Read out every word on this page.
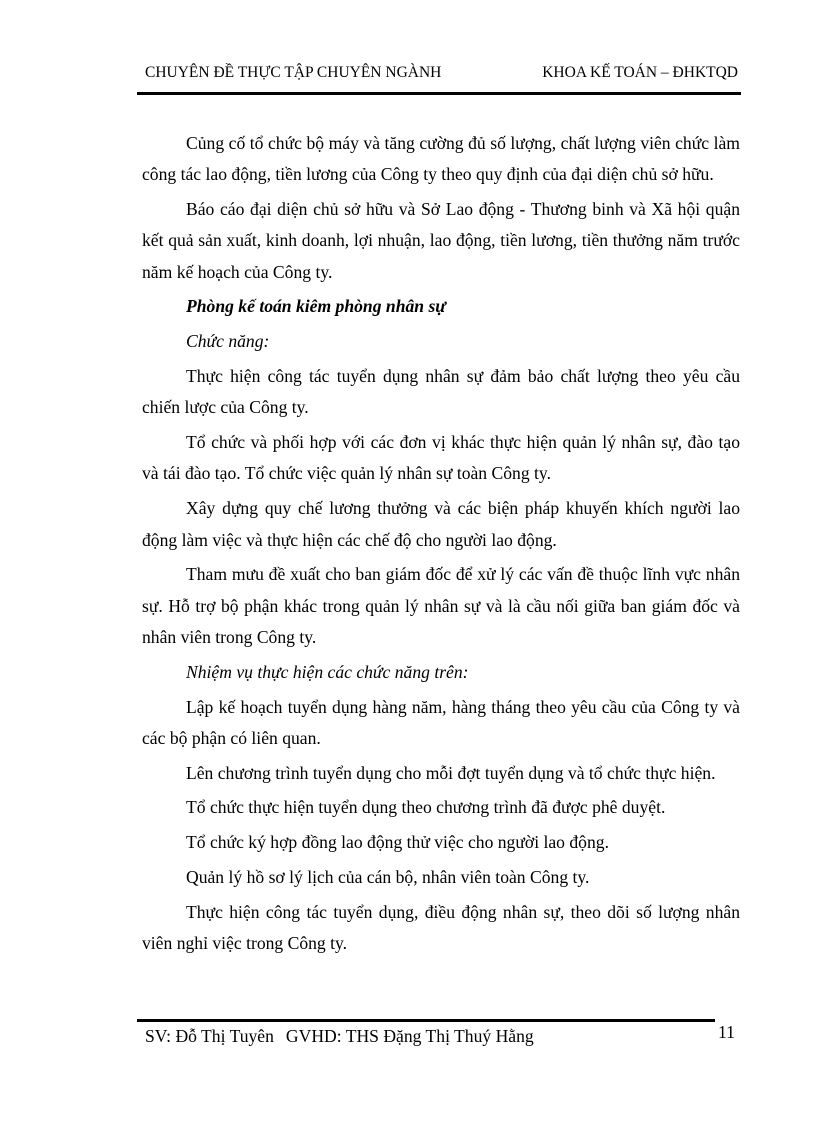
CHUYÊN ĐỀ THỰC TẬP CHUYÊN NGÀNH	KHOA KẾ TOÁN – ĐHKTQD

Củng cố tổ chức bộ máy và tăng cường đủ số lượng, chất lượng viên chức làm công tác lao động, tiền lương của Công ty theo quy định của đại diện chủ sở hữu.

Báo cáo đại diện chủ sở hữu và Sở Lao động - Thương binh và Xã hội quận kết quả sản xuất, kinh doanh, lợi nhuận, lao động, tiền lương, tiền thưởng năm trước năm kế hoạch của Công ty.

Phòng kế toán kiêm phòng nhân sự

Chức năng:

Thực hiện công tác tuyển dụng nhân sự đảm bảo chất lượng theo yêu cầu chiến lược của Công ty.

Tổ chức và phối hợp với các đơn vị khác thực hiện quản lý nhân sự, đào tạo và tái đào tạo. Tổ chức việc quản lý nhân sự toàn Công ty.

Xây dựng quy chế lương thưởng và các biện pháp khuyến khích người lao động làm việc và thực hiện các chế độ cho người lao động.

Tham mưu đề xuất cho ban giám đốc để xử lý các vấn đề thuộc lĩnh vực nhân sự. Hỗ trợ bộ phận khác trong quản lý nhân sự và là cầu nối giữa ban giám đốc và nhân viên trong Công ty.

Nhiệm vụ thực hiện các chức năng trên:

Lập kế hoạch tuyển dụng hàng năm, hàng tháng theo yêu cầu của Công ty và các bộ phận có liên quan.

Lên chương trình tuyển dụng cho mỗi đợt tuyển dụng và tổ chức thực hiện.

Tổ chức thực hiện tuyển dụng theo chương trình đã được phê duyệt.

Tổ chức ký hợp đồng lao động thử việc cho người lao động.

Quản lý hồ sơ lý lịch của cán bộ, nhân viên toàn Công ty.

Thực hiện công tác tuyển dụng, điều động nhân sự, theo dõi số lượng nhân viên nghỉ việc trong Công ty.

SV: Đỗ Thị Tuyên GVHD: THS Đặng Thị Thuý Hằng	11
